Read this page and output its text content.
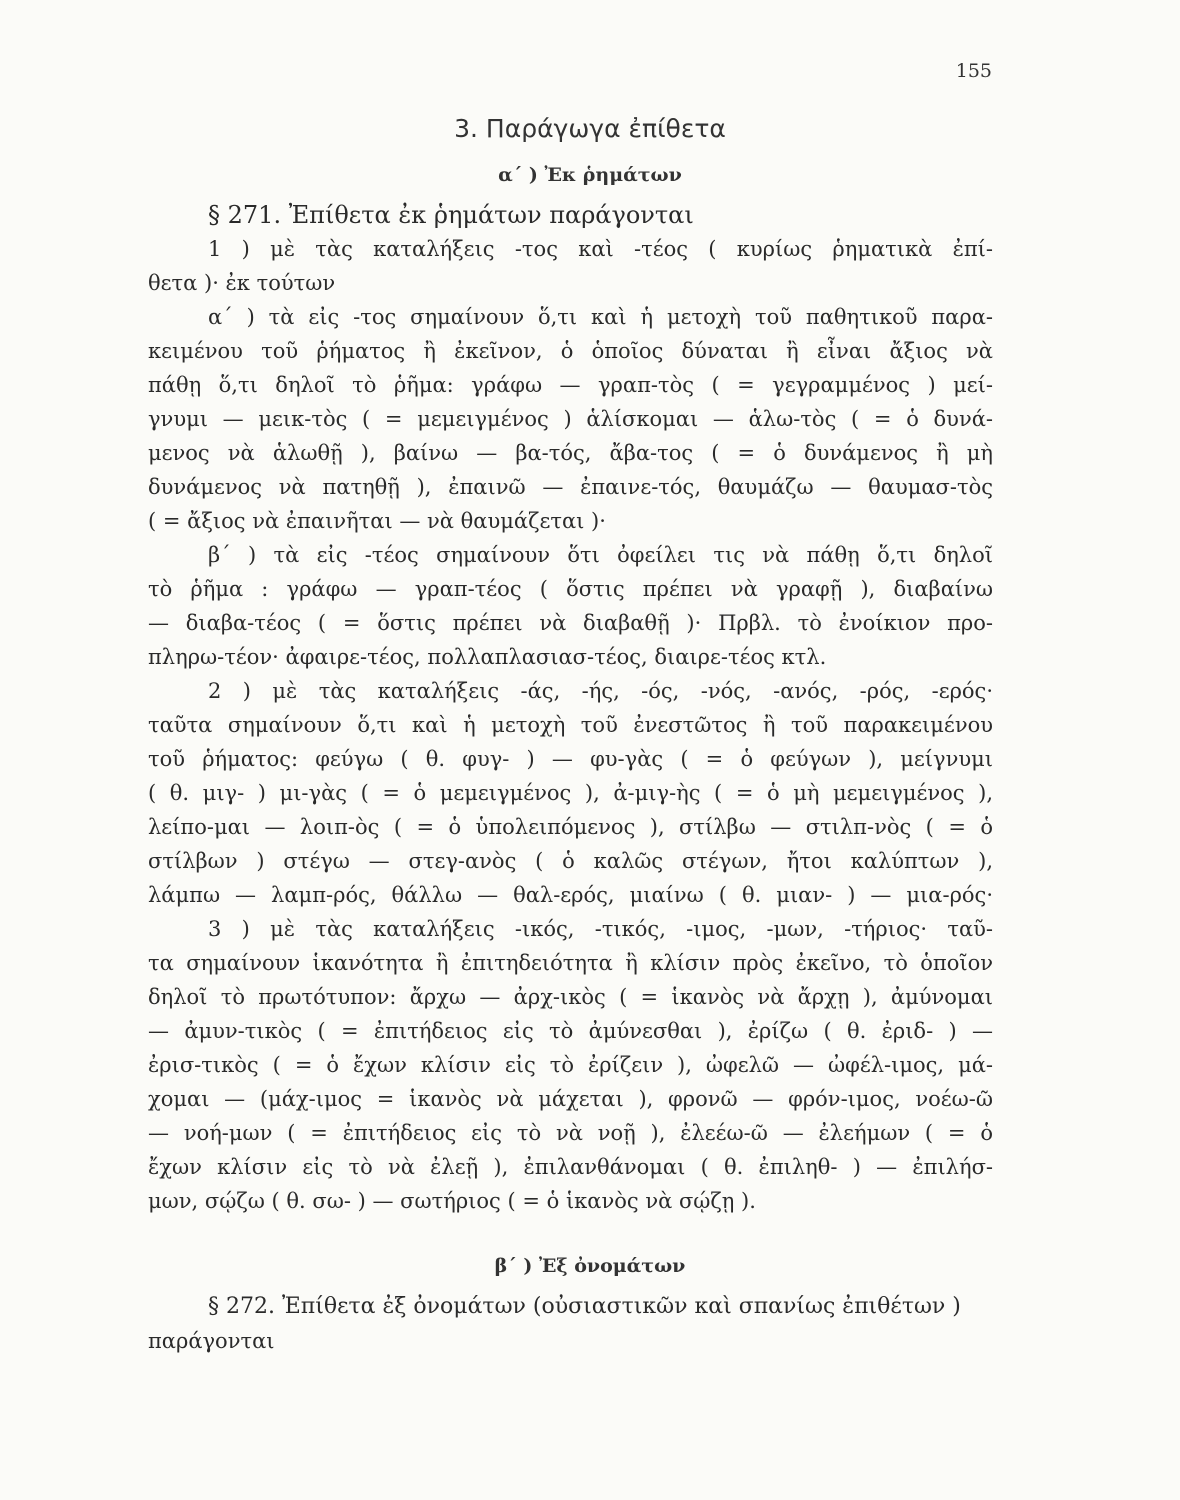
155
3. Παράγωγα ἐπίθετα
α΄ ) Ἐκ ῥημάτων
§ 271. Ἐπίθετα ἐκ ῥημάτων παράγονται
1 ) μὲ τὰς καταλήξεις -τος καὶ -τέος ( κυρίως ῥηματικὰ ἐπί-
θετα )· ἐκ τούτων
α΄ ) τὰ εἰς -τος σημαίνουν ὅ,τι καὶ ἡ μετοχὴ τοῦ παθητικοῦ παρα-
κειμένου τοῦ ῥήματος ἢ ἐκεῖνον, ὁ ὁποῖος δύναται ἢ εἶναι ἄξιος νὰ
πάθῃ ὅ,τι δηλοῖ τὸ ῥῆμα: γράφω — γραπ-τὸς ( = γεγραμμένος ) μεί-
γνυμι — μεικ-τὸς ( = μεμειγμένος ) ἁλίσκομαι — ἁλω-τὸς ( = ὁ δυνά-
μενος νὰ ἁλωθῇ ), βαίνω — βα-τός, ἄβα-τος ( = ὁ δυνάμενος ἢ μὴ
δυνάμενος νὰ πατηθῇ ), ἐπαινῶ — ἐπαινε-τός, θαυμάζω — θαυμασ-τὸς
( = ἄξιος νὰ ἐπαινῆται — νὰ θαυμάζεται )·
β΄ ) τὰ εἰς -τέος σημαίνουν ὅτι ὀφείλει τις νὰ πάθῃ ὅ,τι δηλοῖ
τὸ ῥῆμα : γράφω — γραπ-τέος ( ὅστις πρέπει νὰ γραφῇ ), διαβαίνω
— διαβα-τέος ( = ὅστις πρέπει νὰ διαβαθῇ )· Πρβλ. τὸ ἐνοίκιον προ-
πληρω-τέον· ἀφαιρε-τέος, πολλαπλασιασ-τέος, διαιρε-τέος κτλ.
2 ) μὲ τὰς καταλήξεις -άς, -ής, -ός, -νός, -ανός, -ρός, -ερός·
ταῦτα σημαίνουν ὅ,τι καὶ ἡ μετοχὴ τοῦ ἐνεστῶτος ἢ τοῦ παρακειμένου
τοῦ ῥήματος: φεύγω ( θ. φυγ- ) — φυ-γὰς ( = ὁ φεύγων ), μείγνυμι
( θ. μιγ- ) μι-γὰς ( = ὁ μεμειγμένος ), ἀ-μιγ-ὴς ( = ὁ μὴ μεμειγμένος ),
λείπο-μαι — λοιπ-ὸς ( = ὁ ὑπολειπόμενος ), στίλβω — στιλπ-νὸς ( = ὁ
στίλβων ) στέγω — στεγ-ανὸς ( ὁ καλῶς στέγων, ἤτοι καλύπτων ),
λάμπω — λαμπ-ρός, θάλλω — θαλ-ερός, μιαίνω ( θ. μιαν- ) — μια-ρός·
3 ) μὲ τὰς καταλήξεις -ικός, -τικός, -ιμος, -μων, -τήριος· ταῦ-
τα σημαίνουν ἱκανότητα ἢ ἐπιτηδειότητα ἢ κλίσιν πρὸς ἐκεῖνο, τὸ ὁποῖον
δηλοῖ τὸ πρωτότυπον: ἄρχω — ἀρχ-ικὸς ( = ἱκανὸς νὰ ἄρχῃ ), ἀμύνομαι
— ἀμυν-τικὸς ( = ἐπιτήδειος εἰς τὸ ἀμύνεσθαι ), ἐρίζω ( θ. ἐριδ- ) —
ἐρισ-τικὸς ( = ὁ ἔχων κλίσιν εἰς τὸ ἐρίζειν ), ὠφελῶ — ὠφέλ-ιμος, μά-
χομαι — (μάχ-ιμος = ἱκανὸς νὰ μάχεται ), φρονῶ — φρόν-ιμος, νοέω-ῶ
— νοή-μων ( = ἐπιτήδειος εἰς τὸ νὰ νοῇ ), ἐλεέω-ῶ — ἐλεήμων ( = ὁ
ἔχων κλίσιν εἰς τὸ νὰ ἐλεῇ ), ἐπιλανθάνομαι ( θ. ἐπιληθ- ) — ἐπιλήσ-
μων, σῴζω ( θ. σω- ) — σωτήριος ( = ὁ ἱκανὸς νὰ σῴζῃ ).
β΄ ) Ἐξ ὀνομάτων
§ 272. Ἐπίθετα ἐξ ὀνομάτων (οὐσιαστικῶν καὶ σπανίως ἐπιθέτων )
παράγονται
